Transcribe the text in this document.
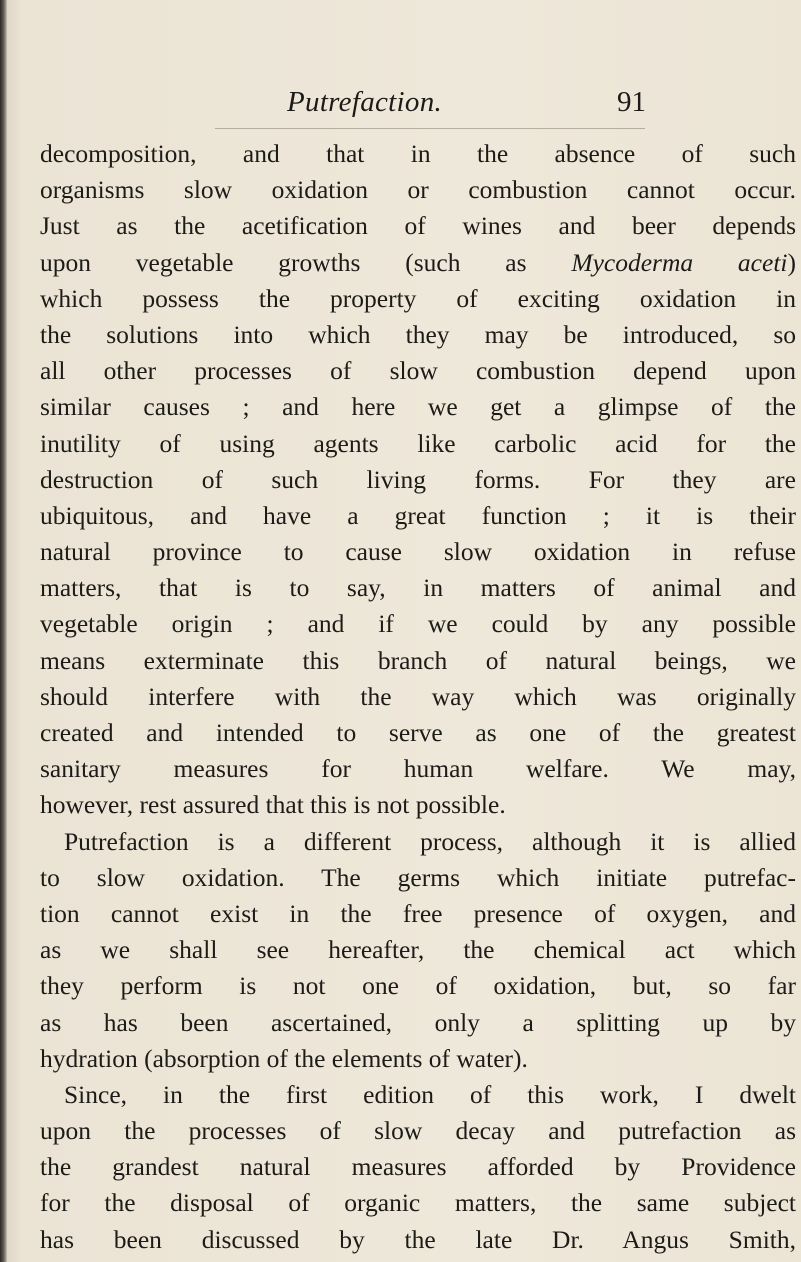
Putrefaction.	91
decomposition, and that in the absence of such
organisms slow oxidation or combustion cannot occur.
Just as the acetification of wines and beer depends
upon vegetable growths (such as Mycoderma aceti)
which possess the property of exciting oxidation in
the solutions into which they may be introduced, so
all other processes of slow combustion depend upon
similar causes ; and here we get a glimpse of the
inutility of using agents like carbolic acid for the
destruction of such living forms. For they are
ubiquitous, and have a great function ; it is their
natural province to cause slow oxidation in refuse
matters, that is to say, in matters of animal and
vegetable origin ; and if we could by any possible
means exterminate this branch of natural beings, we
should interfere with the way which was originally
created and intended to serve as one of the greatest
sanitary measures for human welfare. We may,
however, rest assured that this is not possible.
Putrefaction is a different process, although it is allied
to slow oxidation. The germs which initiate putrefac-
tion cannot exist in the free presence of oxygen, and
as we shall see hereafter, the chemical act which
they perform is not one of oxidation, but, so far
as has been ascertained, only a splitting up by
hydration (absorption of the elements of water).
Since, in the first edition of this work, I dwelt
upon the processes of slow decay and putrefaction as
the grandest natural measures afforded by Providence
for the disposal of organic matters, the same subject
has been discussed by the late Dr. Angus Smith,
